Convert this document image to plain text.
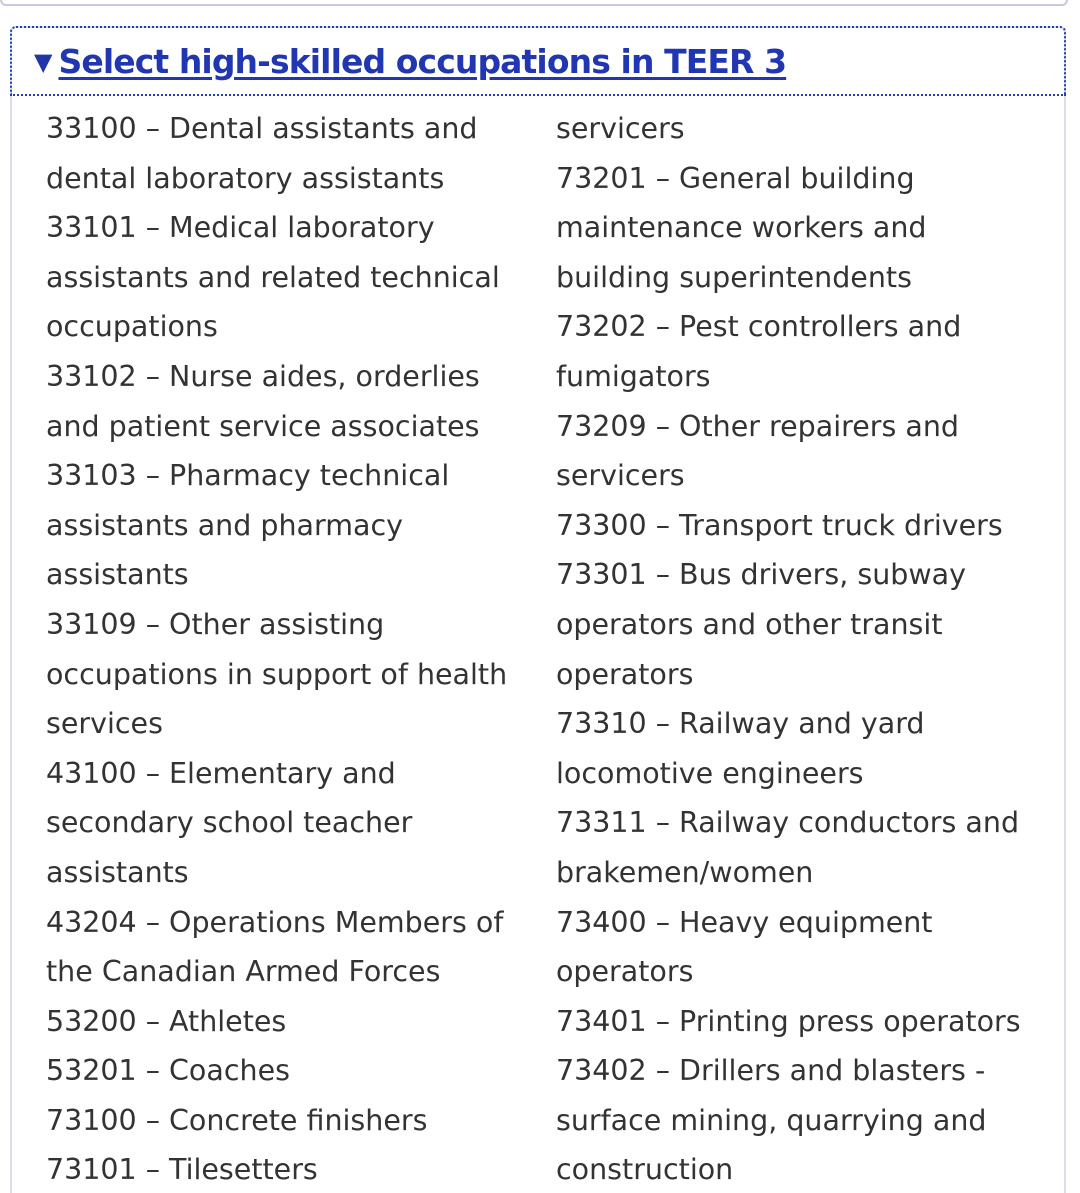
▼ Select high-skilled occupations in TEER 3
33100 – Dental assistants and
dental laboratory assistants
33101 – Medical laboratory
assistants and related technical
occupations
33102 – Nurse aides, orderlies
and patient service associates
33103 – Pharmacy technical
assistants and pharmacy
assistants
33109 – Other assisting
occupations in support of health
services
43100 – Elementary and
secondary school teacher
assistants
43204 – Operations Members of
the Canadian Armed Forces
53200 – Athletes
53201 – Coaches
73100 – Concrete finishers
73101 – Tilesetters
servicers
73201 – General building
maintenance workers and
building superintendents
73202 – Pest controllers and
fumigators
73209 – Other repairers and
servicers
73300 – Transport truck drivers
73301 – Bus drivers, subway
operators and other transit
operators
73310 – Railway and yard
locomotive engineers
73311 – Railway conductors and
brakemen/women
73400 – Heavy equipment
operators
73401 – Printing press operators
73402 – Drillers and blasters -
surface mining, quarrying and
construction
